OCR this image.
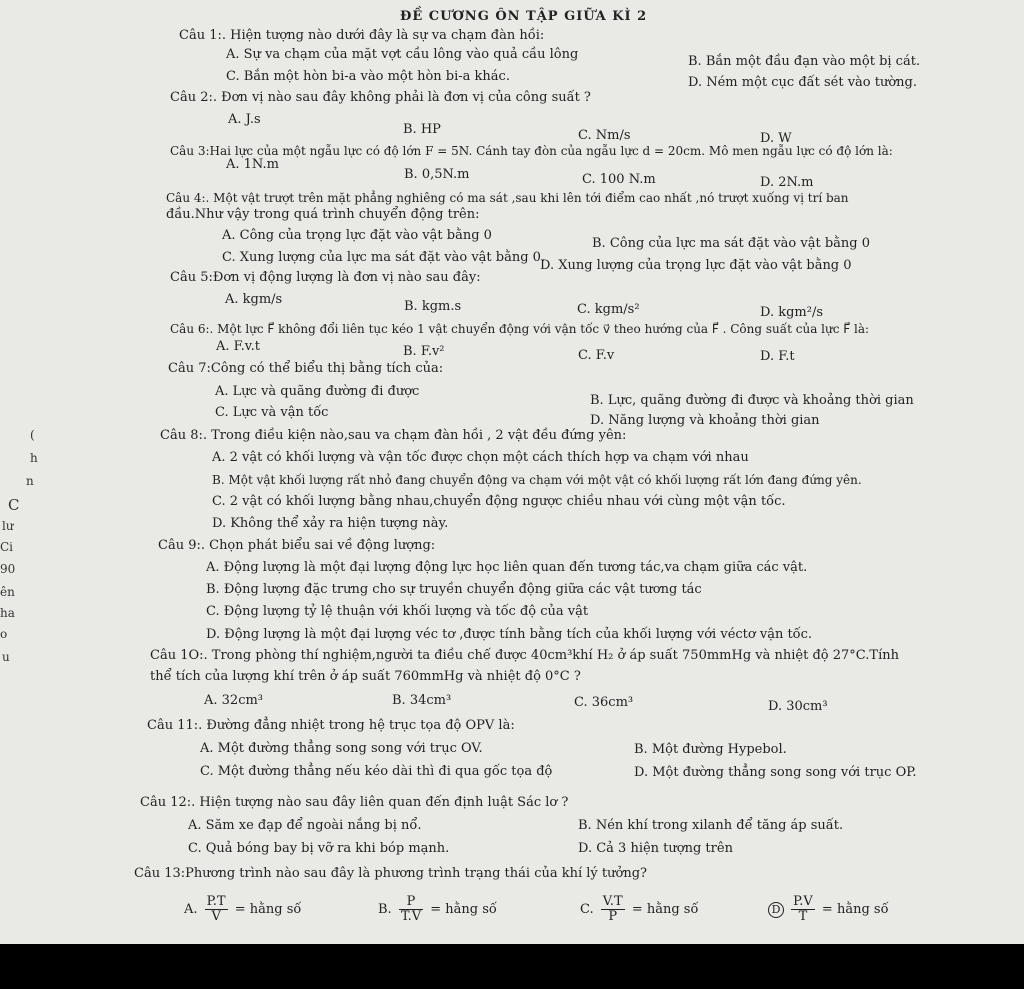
(
h
n
C
lư
Ci
90
ên
ha
o
u
ĐỀ CƯƠNG ÔN TẬP GIỮA KÌ 2
Câu 1:. Hiện tượng nào dưới đây là sự va chạm đàn hồi:
A. Sự va chạm của mặt vợt cầu lông vào quả cầu lông	B. Bắn một đầu đạn vào một bị cát.
C. Bắn một hòn bi-a vào một hòn bi-a khác.	D. Ném một cục đất sét vào tường.
Câu 2:. Đơn vị nào sau đây không phải là đơn vị của công suất ?
A. J.s
B. HP	C. Nm/s	D. W
Câu 3:Hai lực của một ngẫu lực có độ lớn F = 5N. Cánh tay đòn của ngẫu lực d = 20cm. Mô men ngẫu lực có độ lớn là:
A. 1N.m
B. 0,5N.m	C. 100 N.m	D. 2N.m
Câu 4:. Một vật trượt trên mặt phẳng nghiêng có ma sát ,sau khi lên tới điểm cao nhất ,nó trượt xuống vị trí ban
đầu.Như vậy trong quá trình chuyển động trên:
A. Công của trọng lực đặt vào vật bằng 0
B. Công của lực ma sát đặt vào vật bằng 0
C. Xung lượng của lực ma sát đặt vào vật bằng 0.
D. Xung lượng của trọng lực đặt vào vật bằng 0
Câu 5:Đơn vị động lượng là đơn vị nào sau đây:
A. kgm/s	B. kgm.s	C. kgm/s²	D. kgm²/s
Câu 6:. Một lực F⃗ không đổi liên tục kéo 1 vật chuyển động với vận tốc v⃗ theo hướng của F⃗ . Công suất của lực F⃗ là:
A. F.v.t	B. F.v²	C. F.v	D. F.t
Câu 7:Công có thể biểu thị bằng tích của:
A. Lực và quãng đường đi được
B. Lực, quãng đường đi được và khoảng thời gian
C. Lực và vận tốc
D. Năng lượng và khoảng thời gian
Câu 8:. Trong điều kiện nào,sau va chạm đàn hồi , 2 vật đều đứng yên:
A. 2 vật có khối lượng và vận tốc được chọn một cách thích hợp va chạm với nhau
B. Một vật khối lượng rất nhỏ đang chuyển động va chạm với một vật có khối lượng rất lớn đang đứng yên.
C. 2 vật có khối lượng bằng nhau,chuyển động ngược chiều nhau với cùng một vận tốc.
D. Không thể xảy ra hiện tượng này.
Câu 9:. Chọn phát biểu sai về động lượng:
A. Động lượng là một đại lượng động lực học liên quan đến tương tác,va chạm giữa các vật.
B. Động lượng đặc trưng cho sự truyền chuyển động giữa các vật tương tác
C. Động lượng tỷ lệ thuận với khối lượng và tốc độ của vật
D. Động lượng là một đại lượng véc tơ ,được tính bằng tích của khối lượng với véctơ vận tốc.
Câu 1O:. Trong phòng thí nghiệm,người ta điều chế được 40cm³khí H₂ ở áp suất 750mmHg và nhiệt độ 27°C.Tính
thể tích của lượng khí trên ở áp suất 760mmHg và nhiệt độ 0°C ?
A. 32cm³	B. 34cm³	C. 36cm³	D. 30cm³
Câu 11:. Đường đẳng nhiệt trong hệ trục tọa độ OPV là:
A. Một đường thẳng song song với trục OV.	B. Một đường Hypebol.
C. Một đường thẳng nếu kéo dài thì đi qua gốc tọa độ	D. Một đường thẳng song song với trục OP.
Câu 12:. Hiện tượng nào sau đây liên quan đến định luật Sác lơ ?
A. Săm xe đạp để ngoài nắng bị nổ.	B. Nén khí trong xilanh để tăng áp suất.
C. Quả bóng bay bị vỡ ra khi bóp mạnh.	D. Cả 3 hiện tượng trên
Câu 13:Phương trình nào sau đây là phương trình trạng thái của khí lý tưởng?
A. $\frac{P.T}{V}$ = hằng số	B. $\frac{P}{T.V}$ = hằng số	C. $\frac{V.T}{P}$ = hằng số	D $\frac{P.V}{T}$ = hằng số
